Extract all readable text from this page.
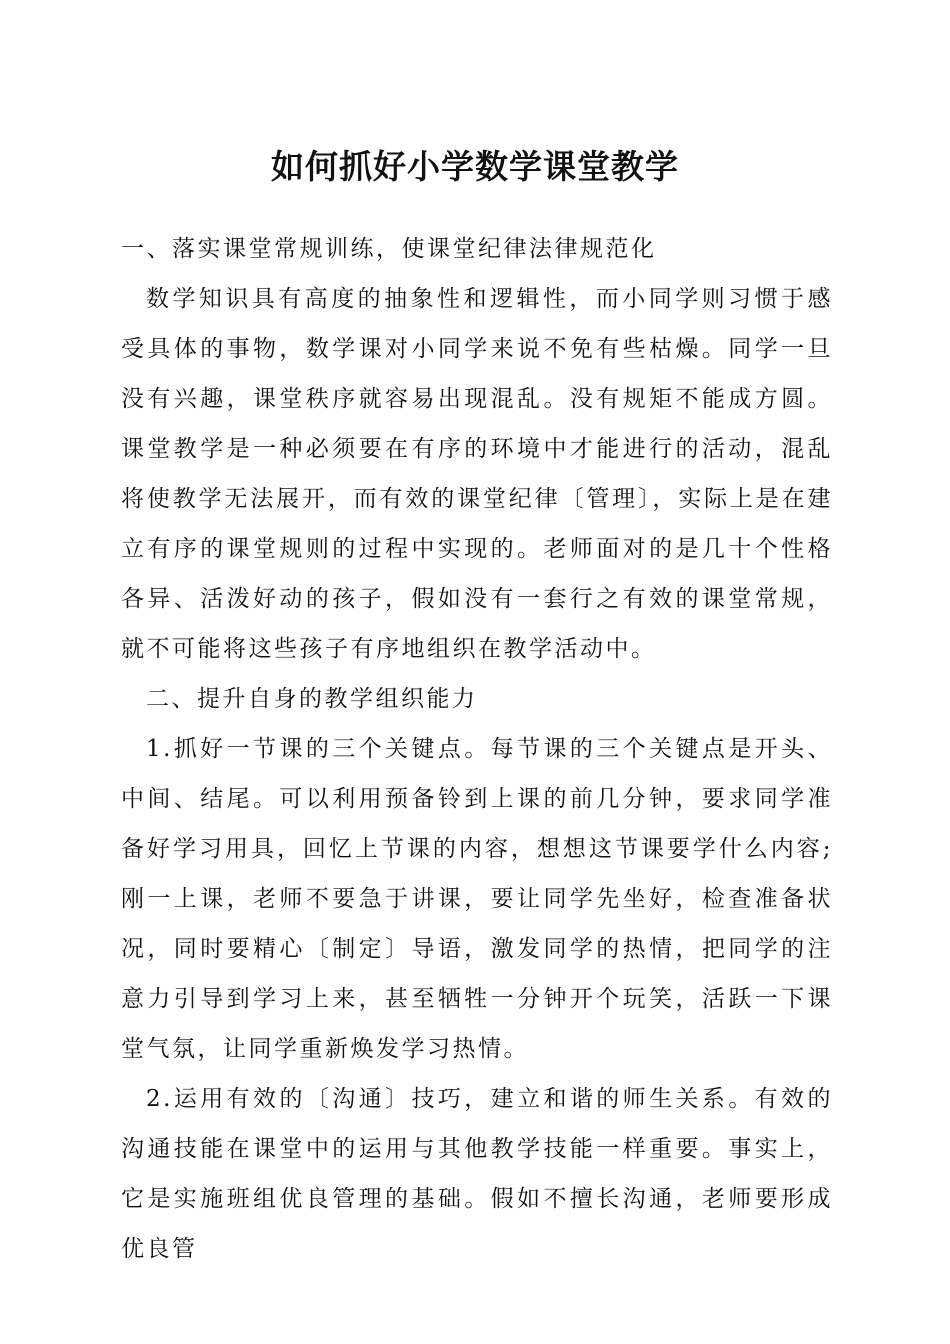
如何抓好小学数学课堂教学

一、落实课堂常规训练，使课堂纪律法律规范化

数学知识具有高度的抽象性和逻辑性，而小同学则习惯于感受具体的事物，数学课对小同学来说不免有些枯燥。同学一旦没有兴趣，课堂秩序就容易出现混乱。没有规矩不能成方圆。课堂教学是一种必须要在有序的环境中才能进行的活动，混乱将使教学无法展开，而有效的课堂纪律〔管理〕，实际上是在建立有序的课堂规则的过程中实现的。老师面对的是几十个性格各异、活泼好动的孩子，假如没有一套行之有效的课堂常规，就不可能将这些孩子有序地组织在教学活动中。

二、提升自身的教学组织能力

1.抓好一节课的三个关键点。每节课的三个关键点是开头、中间、结尾。可以利用预备铃到上课的前几分钟，要求同学准备好学习用具，回忆上节课的内容，想想这节课要学什么内容;刚一上课，老师不要急于讲课，要让同学先坐好，检查准备状况，同时要精心〔制定〕导语，激发同学的热情，把同学的注意力引导到学习上来，甚至牺牲一分钟开个玩笑，活跃一下课堂气氛，让同学重新焕发学习热情。

2.运用有效的〔沟通〕技巧，建立和谐的师生关系。有效的沟通技能在课堂中的运用与其他教学技能一样重要。事实上，它是实施班组优良管理的基础。假如不擅长沟通，老师要形成优良管
